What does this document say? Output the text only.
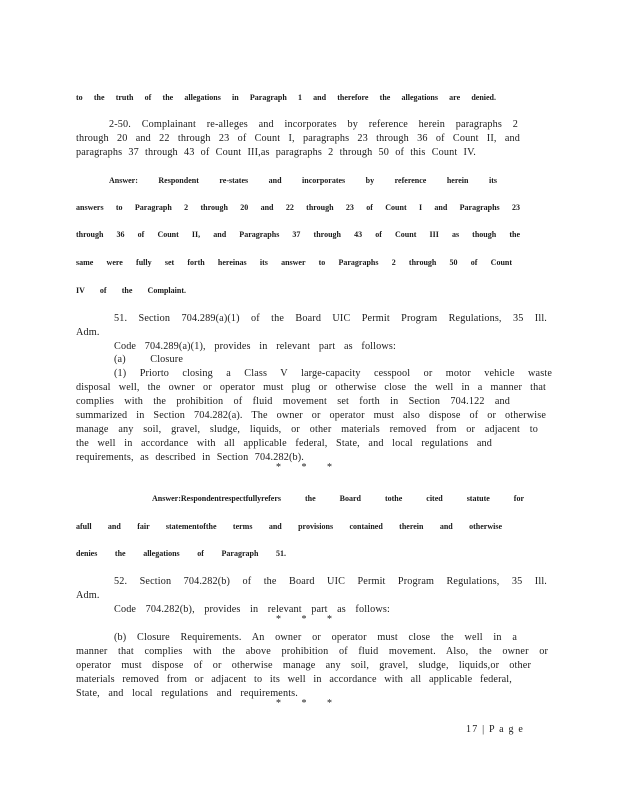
to the truth of the allegations in Paragraph 1 and therefore the allegations are denied.
2-50. Complainant re-alleges and incorporates by reference herein paragraphs 2
through 20 and 22 through 23 of Count I, paragraphs 23 through 36 of Count II, and
paragraphs 37 through 43 of Count III,as paragraphs 2 through 50 of this Count IV.
Answer: Respondent re-states and incorporates by reference herein its
answers to Paragraph 2 through 20 and 22 through 23 of Count I and Paragraphs 23
through 36 of Count II, and Paragraphs 37 through 43 of Count III as though the
same were fully set forth hereinas its answer to Paragraphs 2 through 50 of Count
IV of the Complaint.
51. Section 704.289(a)(1) of the Board UIC Permit Program Regulations, 35 Ill.
Adm.
Code 704.289(a)(1), provides in relevant part as follows:
(a) Closure
(1) Priorto closing a Class V large-capacity cesspool or motor vehicle waste
disposal well, the owner or operator must plug or otherwise close the well in a manner that
complies with the prohibition of fluid movement set forth in Section 704.122 and
summarized in Section 704.282(a). The owner or operator must also dispose of or otherwise
manage any soil, gravel, sludge, liquids, or other materials removed from or adjacent to
the well in accordance with all applicable federal, State, and local regulations and
requirements, as described in Section 704.282(b).
* * *
Answer:Respondentrespectfullyrefers the Board tothe cited statute for
afull and fair statementofthe terms and provisions contained therein and otherwise
denies the allegations of Paragraph 51.
52. Section 704.282(b) of the Board UIC Permit Program Regulations, 35 Ill.
Adm.
Code 704.282(b), provides in relevant part as follows:
* * *
(b) Closure Requirements. An owner or operator must close the well in a
manner that complies with the above prohibition of fluid movement. Also, the owner or
operator must dispose of or otherwise manage any soil, gravel, sludge, liquids,or other
materials removed from or adjacent to its well in accordance with all applicable federal,
State, and local regulations and requirements.
* * *
17 | P a g e
